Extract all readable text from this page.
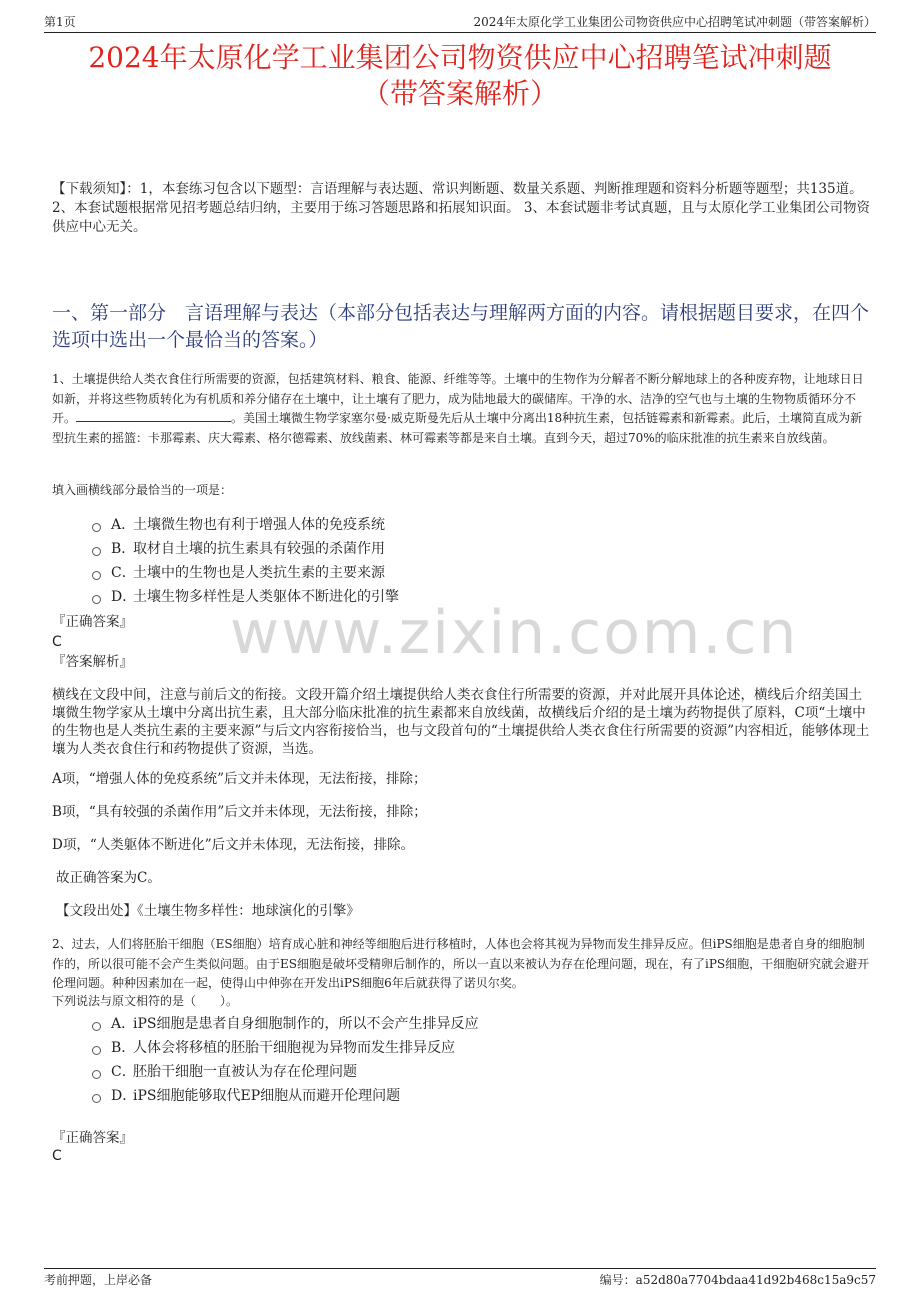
第1页	2024年太原化学工业集团公司物资供应中心招聘笔试冲刺题（带答案解析）
2024年太原化学工业集团公司物资供应中心招聘笔试冲刺题
（带答案解析）
【下载须知】：1，本套练习包含以下题型：言语理解与表达题、常识判断题、数量关系题、判断推理题和资料分析题等题型；共135道。 2、本套试题根据常见招考题总结归纳，主要用于练习答题思路和拓展知识面。 3、本套试题非考试真题，且与太原化学工业集团公司物资供应中心无关。
一、第一部分　言语理解与表达（本部分包括表达与理解两方面的内容。请根据题目要求，在四个选项中选出一个最恰当的答案。）
1、土壤提供给人类衣食住行所需要的资源，包括建筑材料、粮食、能源、纤维等等。土壤中的生物作为分解者不断分解地球上的各种废弃物，让地球日日如新，并将这些物质转化为有机质和养分储存在土壤中，让土壤有了肥力，成为陆地最大的碳储库。干净的水、洁净的空气也与土壤的生物物质循环分不开。	。美国土壤微生物学家塞尔曼·威克斯曼先后从土壤中分离出18种抗生素，包括链霉素和新霉素。此后，土壤简直成为新型抗生素的摇篮：卡那霉素、庆大霉素、格尔德霉素、放线菌素、林可霉素等都是来自土壤。直到今天，超过70%的临床批准的抗生素来自放线菌。
填入画横线部分最恰当的一项是：
A．
土壤微生物也有利于增强人体的免疫系统
B．
取材自土壤的抗生素具有较强的杀菌作用
C．
土壤中的生物也是人类抗生素的主要来源
D．
土壤生物多样性是人类躯体不断进化的引擎
『正确答案』
C
『答案解析』
横线在文段中间，注意与前后文的衔接。文段开篇介绍土壤提供给人类衣食住行所需要的资源，并对此展开具体论述，横线后介绍美国土壤微生物学家从土壤中分离出抗生素，且大部分临床批准的抗生素都来自放线菌，故横线后介绍的是土壤为药物提供了原料，C项“土壤中的生物也是人类抗生素的主要来源”与后文内容衔接恰当，也与文段首句的“土壤提供给人类衣食住行所需要的资源”内容相近，能够体现土壤为人类衣食住行和药物提供了资源，当选。
A项，“增强人体的免疫系统”后文并未体现，无法衔接，排除；
B项，“具有较强的杀菌作用”后文并未体现，无法衔接，排除；
D项，“人类躯体不断进化”后文并未体现，无法衔接，排除。
故正确答案为C。
【文段出处】《土壤生物多样性：地球演化的引擎》
www.zixin.com.cn
2、过去，人们将胚胎干细胞（ES细胞）培育成心脏和神经等细胞后进行移植时，人体也会将其视为异物而发生排异反应。但iPS细胞是患者自身的细胞制作的，所以很可能不会产生类似问题。由于ES细胞是破坏受精卵后制作的，所以一直以来被认为存在伦理问题，现在，有了iPS细胞，干细胞研究就会避开伦理问题。种种因素加在一起，使得山中伸弥在开发出iPS细胞6年后就获得了诺贝尔奖。
下列说法与原文相符的是（　　）。
A．
iPS细胞是患者自身细胞制作的，所以不会产生排异反应
B．
人体会将移植的胚胎干细胞视为异物而发生排异反应
C．
胚胎干细胞一直被认为存在伦理问题
D．
iPS细胞能够取代EP细胞从而避开伦理问题
『正确答案』
C
考前押题，上岸必备	编号：a52d80a7704bdaa41d92b468c15a9c57
